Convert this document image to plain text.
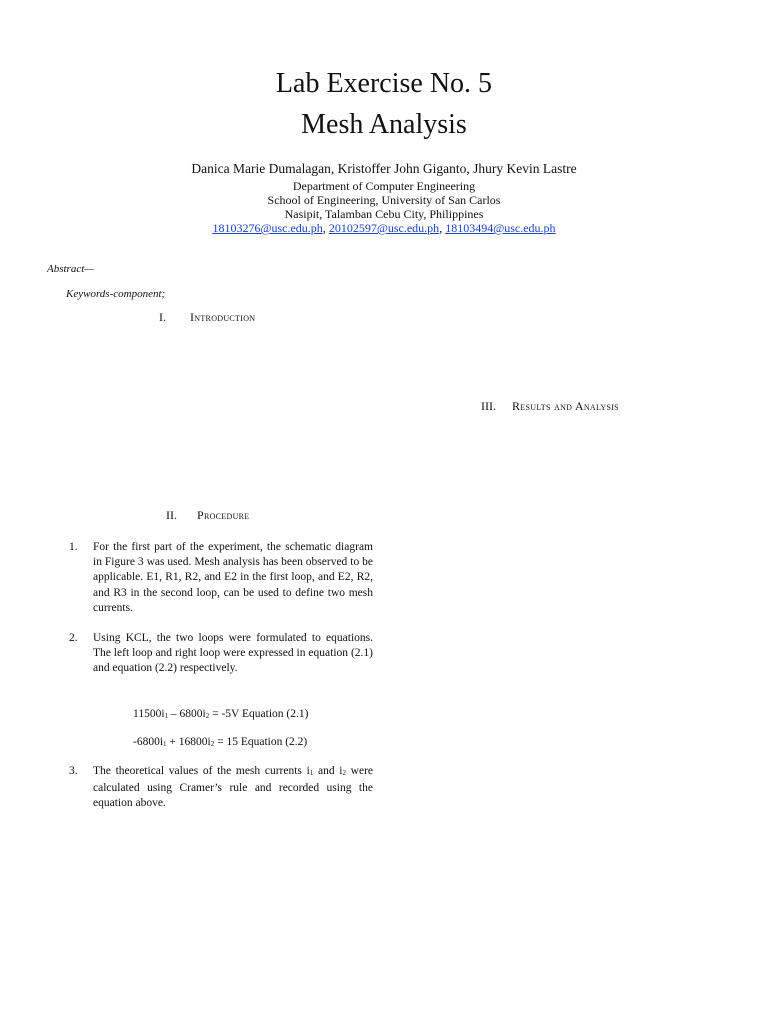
Lab Exercise No. 5
Mesh Analysis
Danica Marie Dumalagan, Kristoffer John Giganto, Jhury Kevin Lastre
Department of Computer Engineering
School of Engineering, University of San Carlos
Nasipit, Talamban Cebu City, Philippines
18103276@usc.edu.ph, 20102597@usc.edu.ph, 18103494@usc.edu.ph
Abstract—
Keywords-component;
I. Introduction
III. Results and Analysis
II. Procedure
1. For the first part of the experiment, the schematic diagram in Figure 3 was used. Mesh analysis has been observed to be applicable. E1, R1, R2, and E2 in the first loop, and E2, R2, and R3 in the second loop, can be used to define two mesh currents.
2. Using KCL, the two loops were formulated to equations. The left loop and right loop were expressed in equation (2.1) and equation (2.2) respectively.
$11500i_1 - 6800i_2 = -5V$ Equation (2.1)
$-6800i_1 + 16800i_2 = 15$ Equation (2.2)
3. The theoretical values of the mesh currents $i_1$ and $i_2$ were calculated using Cramer’s rule and recorded using the equation above.
